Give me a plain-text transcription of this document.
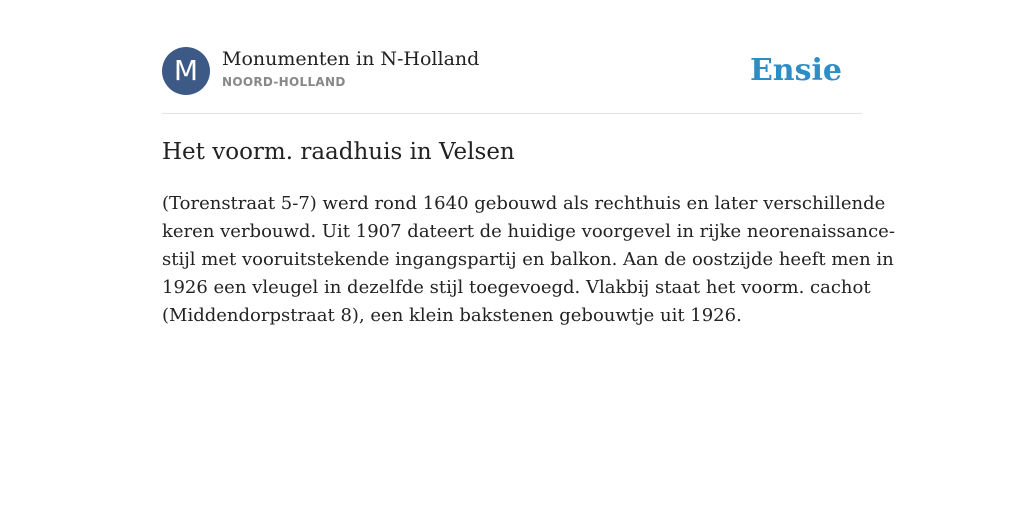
M	Monumenten in N-Holland
NOORD-HOLLAND	Ensie
Het voorm. raadhuis in Velsen

(Torenstraat 5-7) werd rond 1640 gebouwd als rechthuis en later verschillende
keren verbouwd. Uit 1907 dateert de huidige voorgevel in rijke neorenaissance-
stijl met vooruitstekende ingangspartij en balkon. Aan de oostzijde heeft men in
1926 een vleugel in dezelfde stijl toegevoegd. Vlakbij staat het voorm. cachot
(Middendorpstraat 8), een klein bakstenen gebouwtje uit 1926.
